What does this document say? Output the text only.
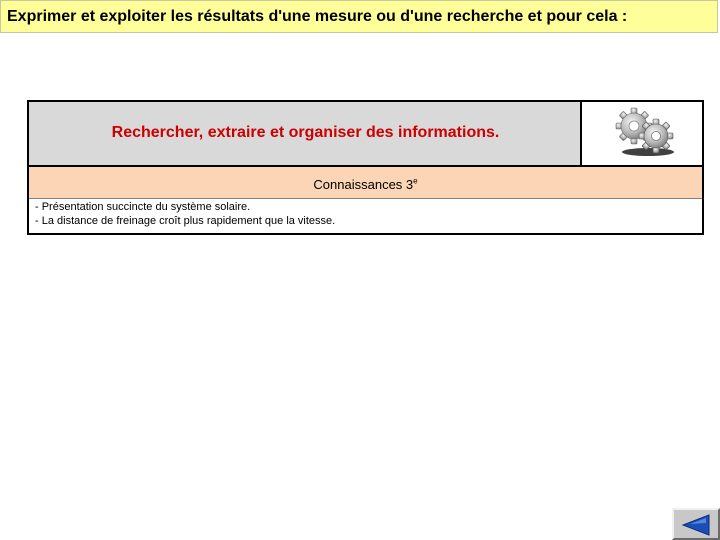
Exprimer et exploiter les résultats d'une mesure ou d'une recherche et pour cela :
Rechercher, extraire et organiser des informations.
Connaissances 3e
- Présentation succincte du système solaire.
- La distance de freinage croît plus rapidement que la vitesse.
